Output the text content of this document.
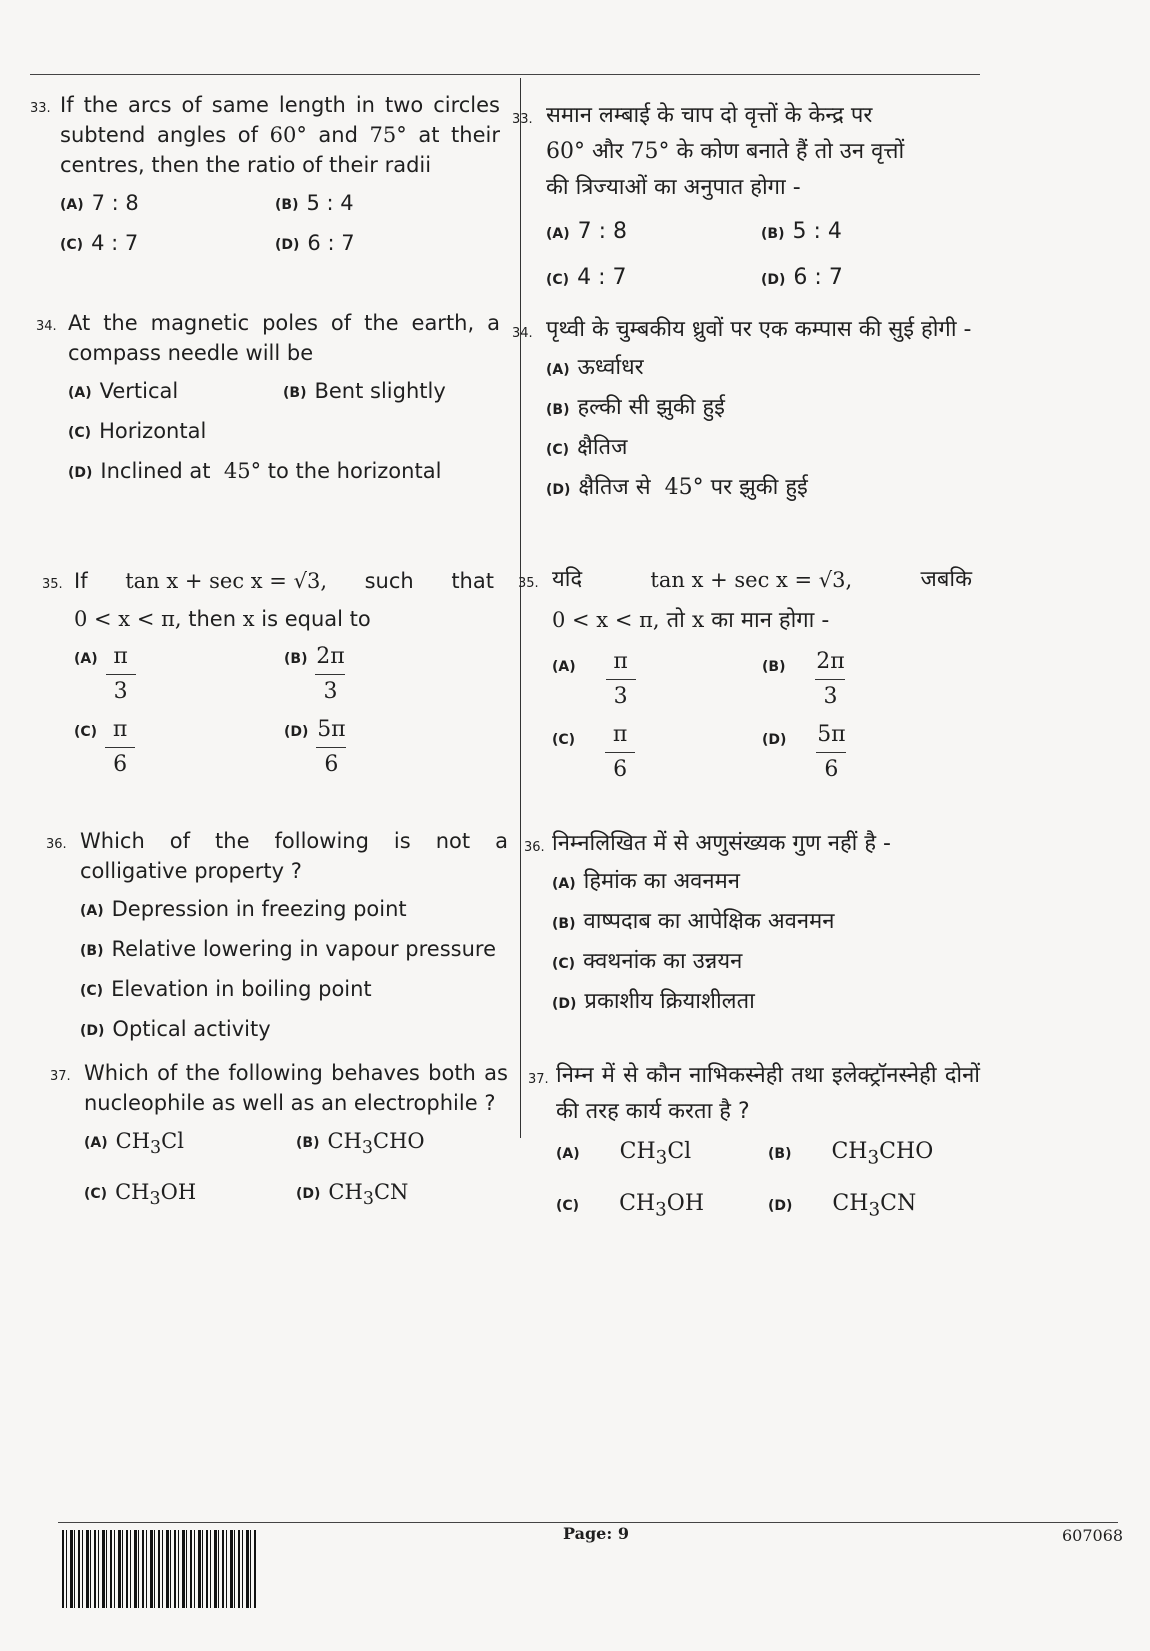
33. If the arcs of same length in two circles subtend angles of 60° and 75° at their centres, then the ratio of their radii
(A) 7 : 8	(B) 5 : 4
(C) 4 : 7	(D) 6 : 7
34. At the magnetic poles of the earth, a compass needle will be
(A) Vertical	(B) Bent slightly
(C) Horizontal
(D) Inclined at
45°
to the horizontal
35. If tan x + sec x = √3, such that
0 < x < π, then x is equal to
$(A) \frac{\pi}{3}$	$(B) \frac{2\pi}{3}$
$(C) \frac{\pi}{6}$	$(D) \frac{5\pi}{6}$
36. Which of the following is not a colligative property ?
(A) Depression in freezing point
(B) Relative lowering in vapour pressure
(C) Elevation in boiling point
(D) Optical activity
37. Which of the following behaves both as nucleophile as well as an electrophile ?
(A) $CH_3Cl$	(B) $CH_3CHO$
(C) $CH_3OH$	(D) $CH_3CN$
33. समान लम्बाई के चाप दो वृत्तों के केन्द्र पर
60° और 75° के कोण बनाते हैं तो उन वृत्तों
की त्रिज्याओं का अनुपात होगा -
(A) 7 : 8	(B) 5 : 4
(C) 4 : 7	(D) 6 : 7
34. पृथ्वी के चुम्बकीय ध्रुवों पर एक कम्पास की सुई होगी -
(A) ऊर्ध्वाधर
(B) हल्की सी झुकी हुई
(C) क्षैतिज
(D) क्षैतिज से
45°
पर झुकी हुई
35. यदि	tan x + sec x = √3,	जबकि
0 < x < π, तो x का मान होगा -
$(A) \frac{\pi}{3}$	$(B) \frac{2\pi}{3}$
$(C) \frac{\pi}{6}$	$(D) \frac{5\pi}{6}$
36. निम्नलिखित में से अणुसंख्यक गुण नहीं है -
(A) हिमांक का अवनमन
(B) वाष्पदाब का आपेक्षिक अवनमन
(C) क्वथनांक का उन्नयन
(D) प्रकाशीय क्रियाशीलता
37. निम्न में से कौन नाभिकस्नेही तथा इलेक्ट्रॉनस्नेही दोनों की तरह कार्य करता है ?
(A) $CH_3Cl$	(B) $CH_3CHO$
(C) $CH_3OH$	(D) $CH_3CN$
Page: 9	607068
